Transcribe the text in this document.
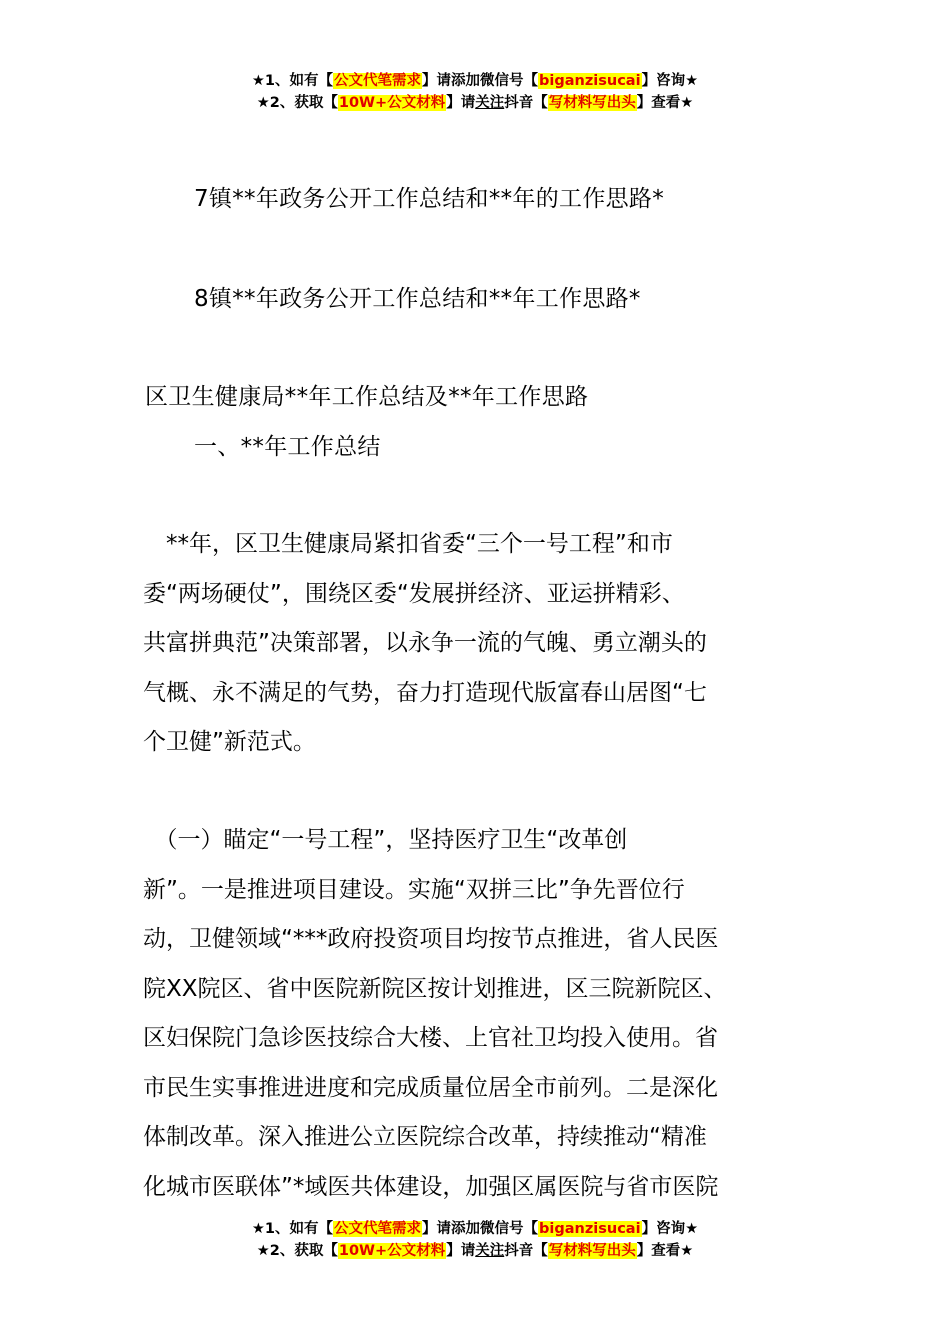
★1、如有【公文代笔需求】请添加微信号【biganzisucai】咨询★
★2、获取【10W+公文材料】请关注抖音【写材料写出头】查看★
7镇**年政务公开工作总结和**年的工作思路*
8镇**年政务公开工作总结和**年工作思路*
区卫生健康局**年工作总结及**年工作思路
一、**年工作总结
　**年，区卫生健康局紧扣省委“三个一号工程”和市
委“两场硬仗”，围绕区委“发展拼经济、亚运拼精彩、
共富拼典范”决策部署，以永争一流的气魄、勇立潮头的
气概、永不满足的气势，奋力打造现代版富春山居图“七
个卫健”新范式。
　（一）瞄定“一号工程”，坚持医疗卫生“改革创
新”。一是推进项目建设。实施“双拼三比”争先晋位行
动，卫健领域“***政府投资项目均按节点推进，省人民医
院XX院区、省中医院新院区按计划推进，区三院新院区、
区妇保院门急诊医技综合大楼、上官社卫均投入使用。省
市民生实事推进进度和完成质量位居全市前列。二是深化
体制改革。深入推进公立医院综合改革，持续推动“精准
化城市医联体”*域医共体建设，加强区属医院与省市医院
★1、如有【公文代笔需求】请添加微信号【biganzisucai】咨询★
★2、获取【10W+公文材料】请关注抖音【写材料写出头】查看★
